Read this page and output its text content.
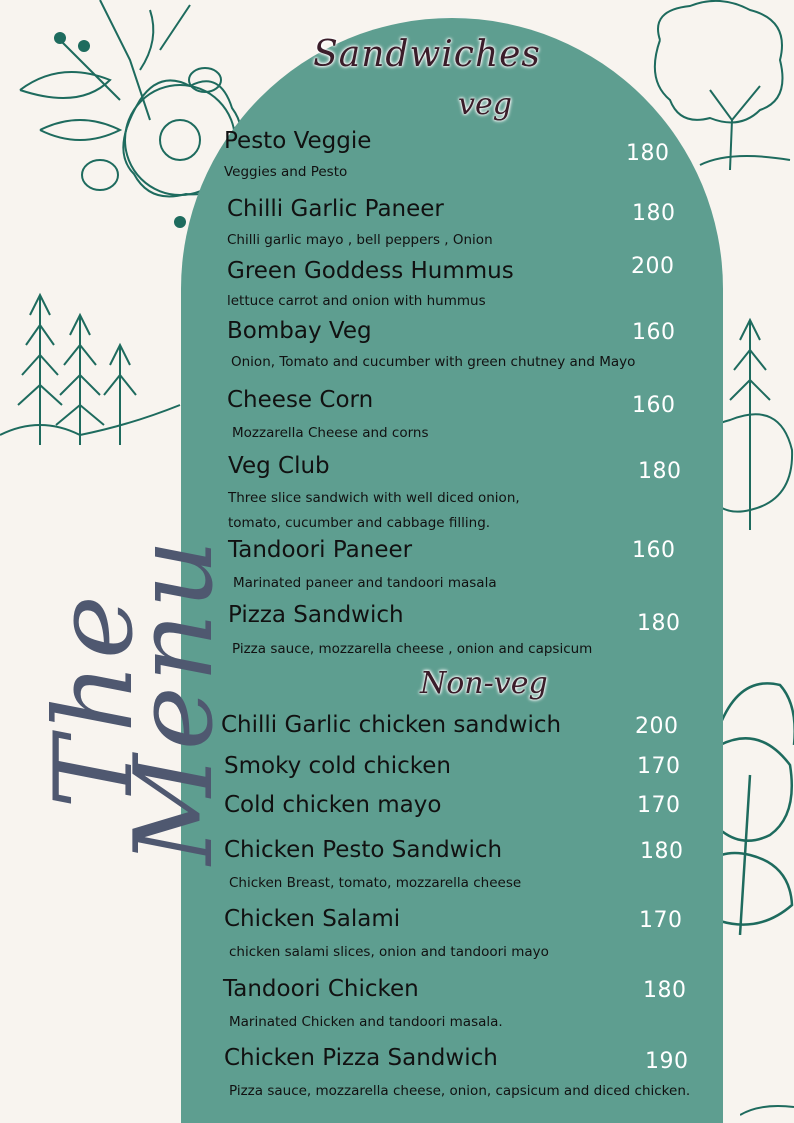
The Menu
Sandwiches
veg
Non-veg
Pesto Veggie
Veggies and Pesto
180
Chilli Garlic Paneer
Chilli garlic mayo , bell peppers , Onion
180
Green Goddess Hummus
lettuce carrot and onion with hummus
200
Bombay Veg
Onion, Tomato and cucumber with green chutney and Mayo
160
Cheese Corn
Mozzarella Cheese and corns
160
Veg Club
Three slice sandwich with well diced onion,
tomato, cucumber and cabbage filling.
180
Tandoori Paneer
Marinated paneer and tandoori masala
160
Pizza Sandwich
Pizza sauce, mozzarella cheese , onion and capsicum
180
Chilli Garlic chicken sandwich	200
Smoky cold chicken	170
Cold chicken mayo	170
Chicken Pesto Sandwich
Chicken Breast, tomato, mozzarella cheese
180
Chicken Salami
chicken salami slices, onion and tandoori mayo
170
Tandoori Chicken
Marinated Chicken and tandoori masala.
180
Chicken Pizza Sandwich
Pizza sauce, mozzarella cheese, onion, capsicum and diced chicken.
190
